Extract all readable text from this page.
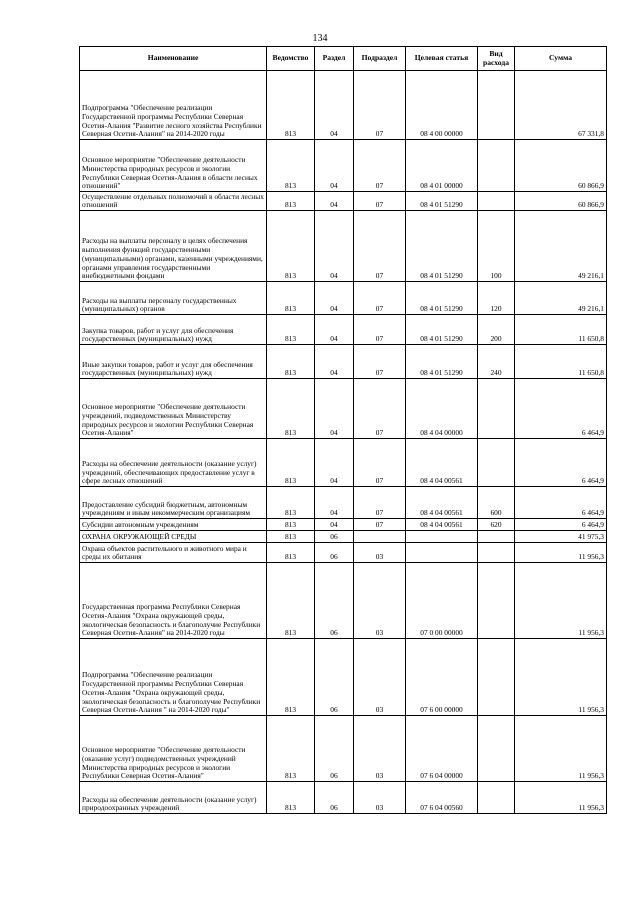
134
Наименование	Ведомство	Раздел	Подраздел	Целевая статья	Вид расхода	Сумма
Подпрограмма "Обеспечение реализации Государственной программы Республики Северная Осетия-Алания "Развитие лесного хозяйства Республики Северная Осетия-Алания" на 2014-2020 годы	813	04	07	08 4 00 00000		67 331,8
Основное мероприятие "Обеспечение деятельности Министерства природных ресурсов и экологии Республики Северная Осетия-Алания в области лесных отношений"	813	04	07	08 4 01 00000		60 866,9
Осуществление отдельных полномочий в области лесных отношений	813	04	07	08 4 01 51290		60 866,9
Расходы на выплаты персоналу в целях обеспечения выполнения функций государственными (муниципальными) органами, казенными учреждениями, органами управления государственными внебюджетными фондами	813	04	07	08 4 01 51290	100	49 216,1
Расходы на выплаты персоналу государственных (муниципальных) органов	813	04	07	08 4 01 51290	120	49 216,1
Закупка товаров, работ и услуг для обеспечения государственных (муниципальных) нужд	813	04	07	08 4 01 51290	200	11 650,8
Иные закупки товаров, работ и услуг для обеспечения государственных (муниципальных) нужд	813	04	07	08 4 01 51290	240	11 650,8
Основное мероприятие "Обеспечение деятельности учреждений, подведомственных Министерству природных ресурсов и экологии Республики Северная Осетия-Алания"	813	04	07	08 4 04 00000		6 464,9
Расходы на обеспечение деятельности (оказание услуг) учреждений, обеспечивающих предоставление услуг в сфере лесных отношений	813	04	07	08 4 04 00561		6 464,9
Предоставление субсидий бюджетным, автономным учреждениям и иным некоммерческим организациям	813	04	07	08 4 04 00561	600	6 464,9
Субсидии автономным учреждениям	813	04	07	08 4 04 00561	620	6 464,9
ОХРАНА ОКРУЖАЮЩЕЙ СРЕДЫ	813	06				41 975,3
Охрана объектов растительного и животного мира и среды их обитания	813	06	03			11 956,3
Государственная программа Республики Северная Осетия-Алания "Охрана окружающей среды, экологическая безопасность и благополучие Республики Северная Осетия-Алания" на 2014-2020 годы	813	06	03	07 0 00 00000		11 956,3
Подпрограмма "Обеспечение реализации Государственной программы Республики Северная Осетия-Алания "Охрана окружающей среды, экологическая безопасность и благополучие Республики Северная Осетия-Алания " на 2014-2020 годы"	813	06	03	07 6 00 00000		11 956,3
Основное мероприятие "Обеспечение деятельности (оказание услуг) подведомственных учреждений Министерства природных ресурсов и экологии Республики Северная Осетия-Алания"	813	06	03	07 6 04 00000		11 956,3
Расходы на обеспечение деятельности (оказание услуг) природоохранных учреждений	813	06	03	07 6 04 00560		11 956,3
